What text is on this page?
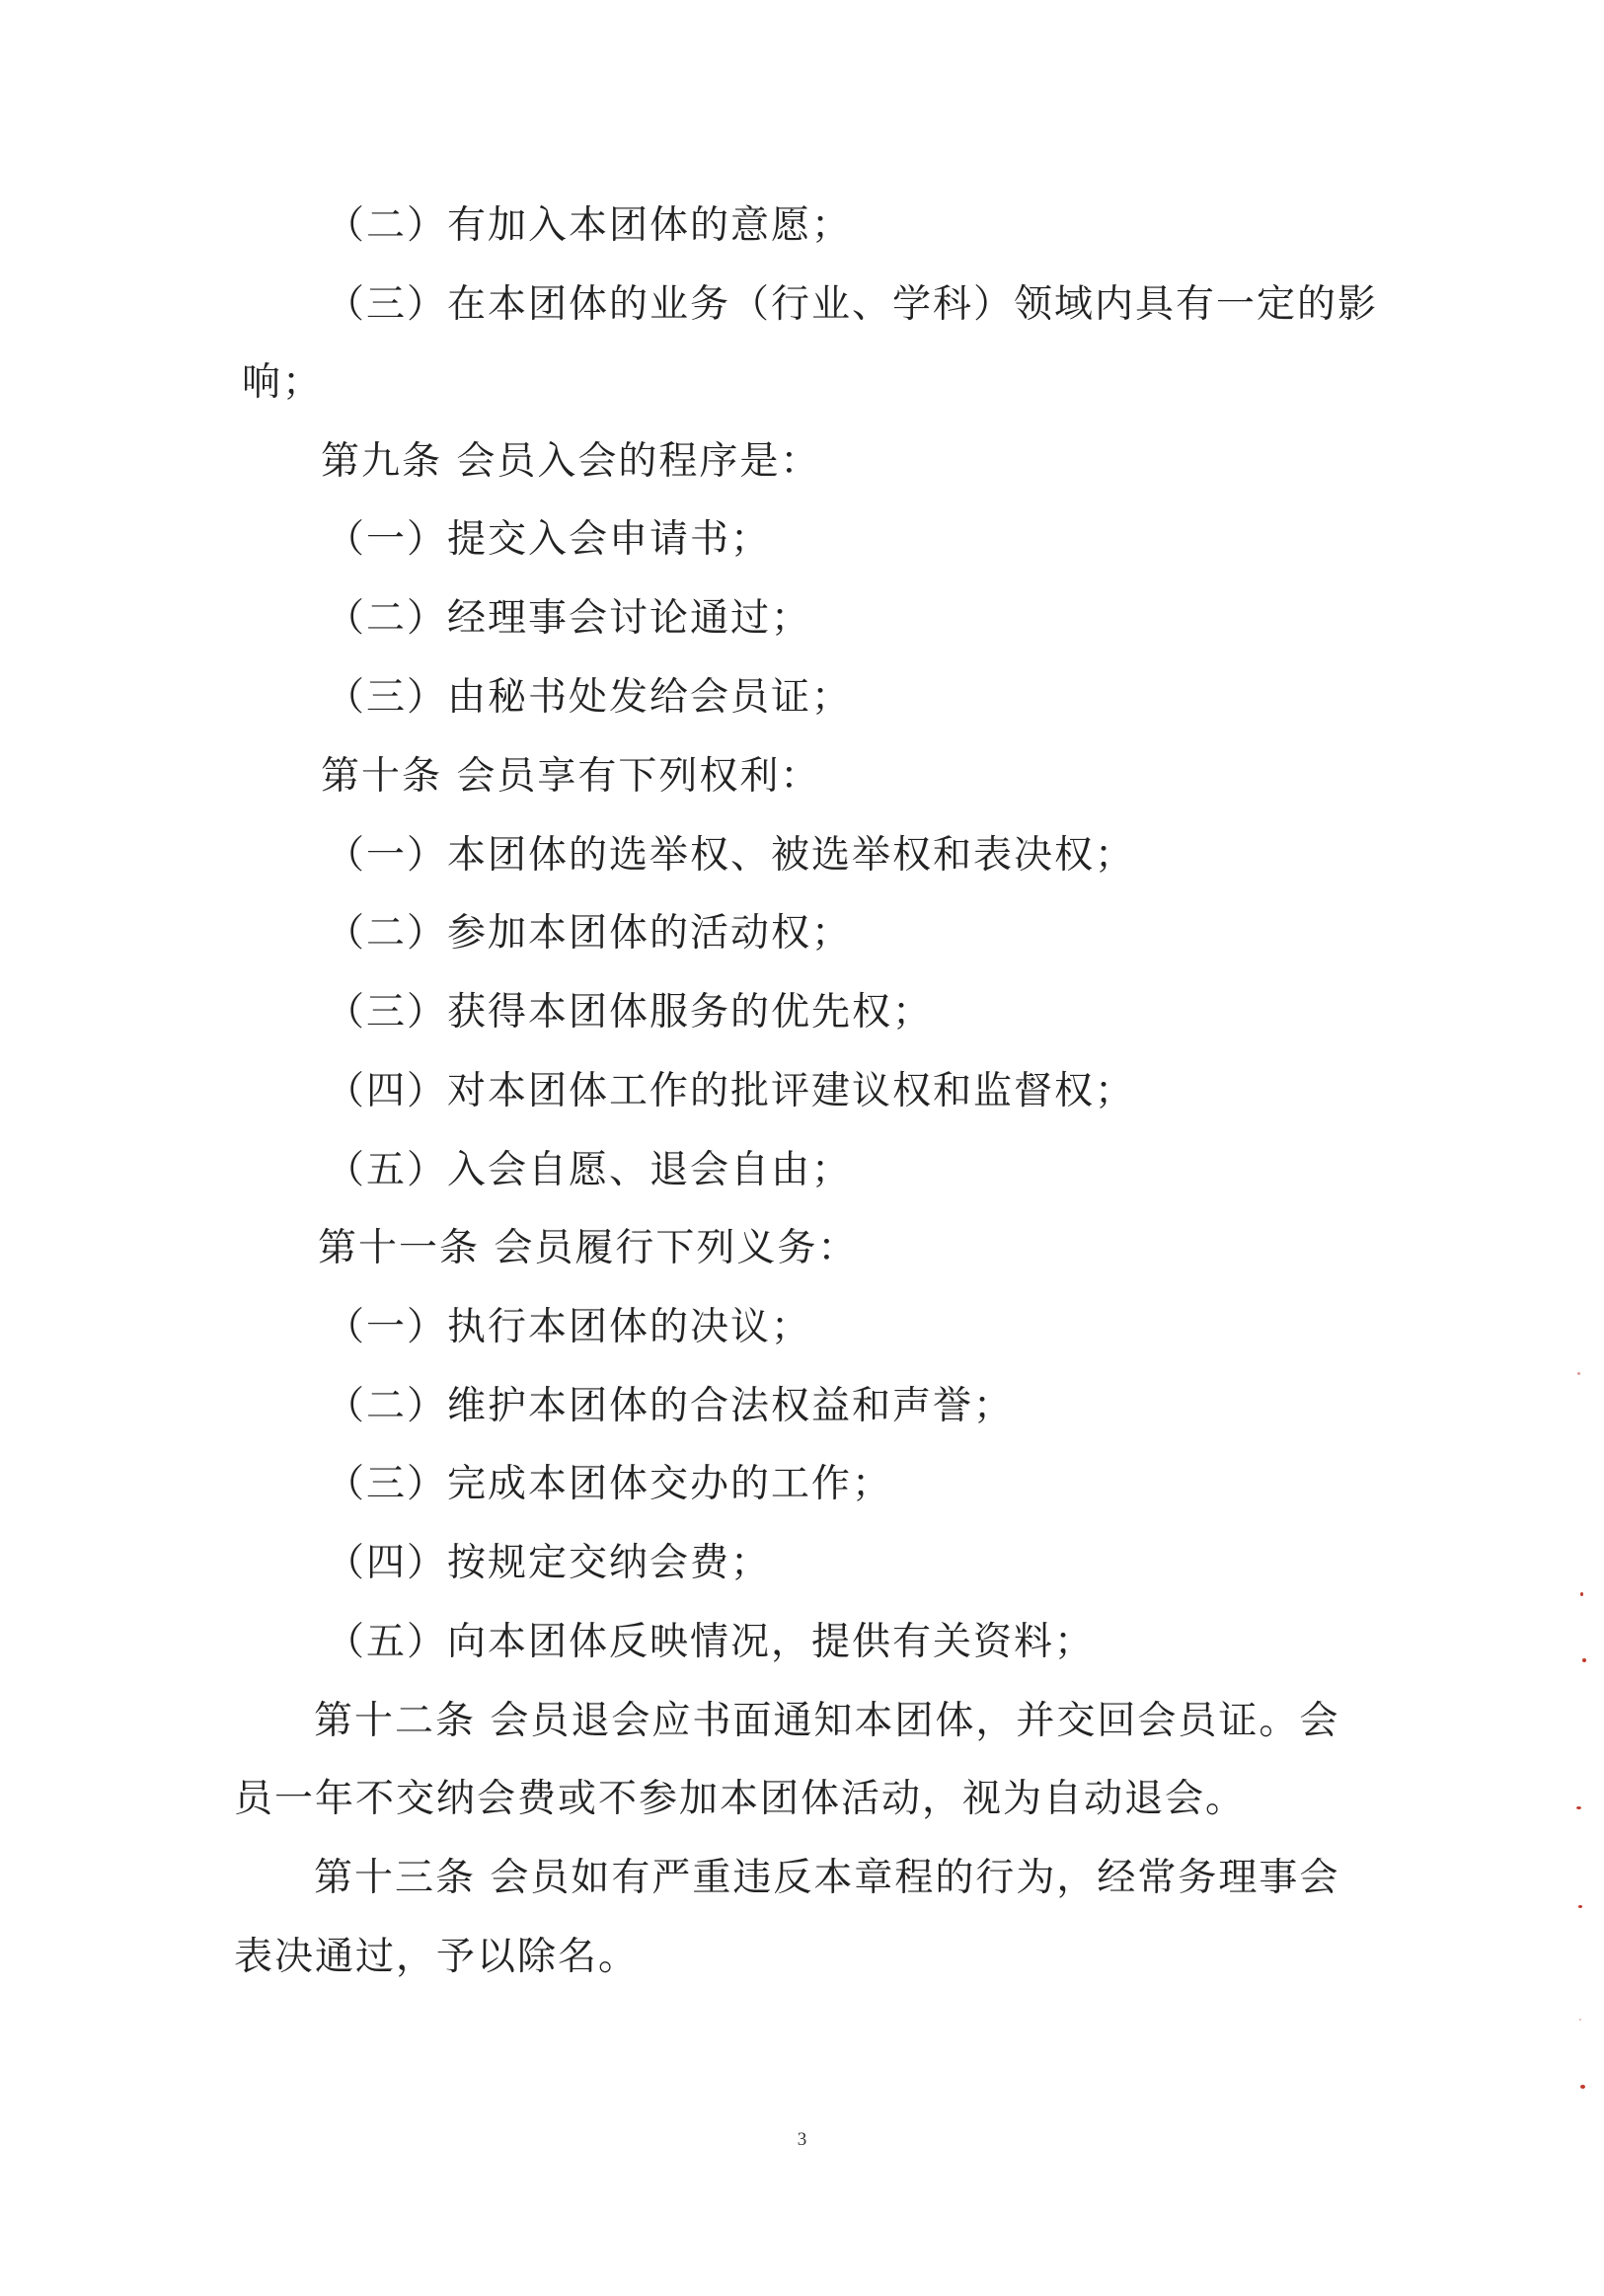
（二）有加入本团体的意愿；
（三）在本团体的业务（行业、学科）领域内具有一定的影
响；
第九条 会员入会的程序是：
（一）提交入会申请书；
（二）经理事会讨论通过；
（三）由秘书处发给会员证；
第十条 会员享有下列权利：
（一）本团体的选举权、被选举权和表决权；
（二）参加本团体的活动权；
（三）获得本团体服务的优先权；
（四）对本团体工作的批评建议权和监督权；
（五）入会自愿、退会自由；
第十一条 会员履行下列义务：
（一）执行本团体的决议；
（二）维护本团体的合法权益和声誉；
（三）完成本团体交办的工作；
（四）按规定交纳会费；
（五）向本团体反映情况，提供有关资料；
第十二条 会员退会应书面通知本团体，并交回会员证。会
员一年不交纳会费或不参加本团体活动，视为自动退会。
第十三条 会员如有严重违反本章程的行为，经常务理事会
表决通过，予以除名。
3
